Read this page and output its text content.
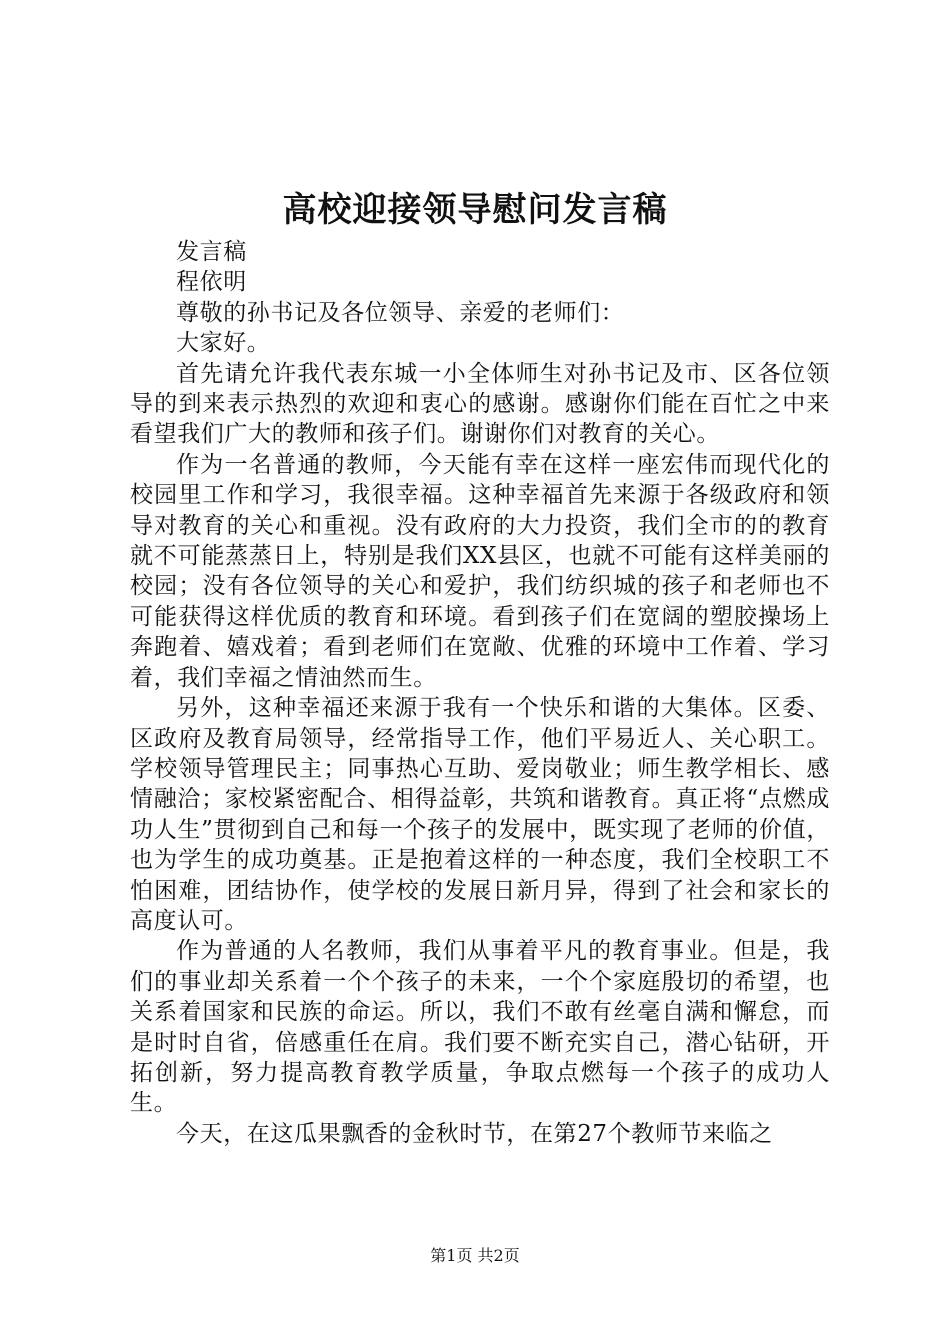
高校迎接领导慰问发言稿

发言稿

程依明

尊敬的孙书记及各位领导、亲爱的老师们：

大家好。

首先请允许我代表东城一小全体师生对孙书记及市、区各位领导的到来表示热烈的欢迎和衷心的感谢。感谢你们能在百忙之中来看望我们广大的教师和孩子们。谢谢你们对教育的关心。

作为一名普通的教师，今天能有幸在这样一座宏伟而现代化的校园里工作和学习，我很幸福。这种幸福首先来源于各级政府和领导对教育的关心和重视。没有政府的大力投资，我们全市的的教育就不可能蒸蒸日上，特别是我们XX县区，也就不可能有这样美丽的校园；没有各位领导的关心和爱护，我们纺织城的孩子和老师也不可能获得这样优质的教育和环境。看到孩子们在宽阔的塑胶操场上奔跑着、嬉戏着；看到老师们在宽敞、优雅的环境中工作着、学习着，我们幸福之情油然而生。

另外，这种幸福还来源于我有一个快乐和谐的大集体。区委、区政府及教育局领导，经常指导工作，他们平易近人、关心职工。学校领导管理民主；同事热心互助、爱岗敬业；师生教学相长、感情融洽；家校紧密配合、相得益彰，共筑和谐教育。真正将“点燃成功人生”贯彻到自己和每一个孩子的发展中，既实现了老师的价值，也为学生的成功奠基。正是抱着这样的一种态度，我们全校职工不怕困难，团结协作，使学校的发展日新月异，得到了社会和家长的高度认可。

作为普通的人名教师，我们从事着平凡的教育事业。但是，我们的事业却关系着一个个孩子的未来，一个个家庭殷切的希望，也关系着国家和民族的命运。所以，我们不敢有丝毫自满和懈怠，而是时时自省，倍感重任在肩。我们要不断充实自己，潜心钻研，开拓创新，努力提高教育教学质量，争取点燃每一个孩子的成功人生。

今天，在这瓜果飘香的金秋时节，在第27个教师节来临之

第1页 共2页
